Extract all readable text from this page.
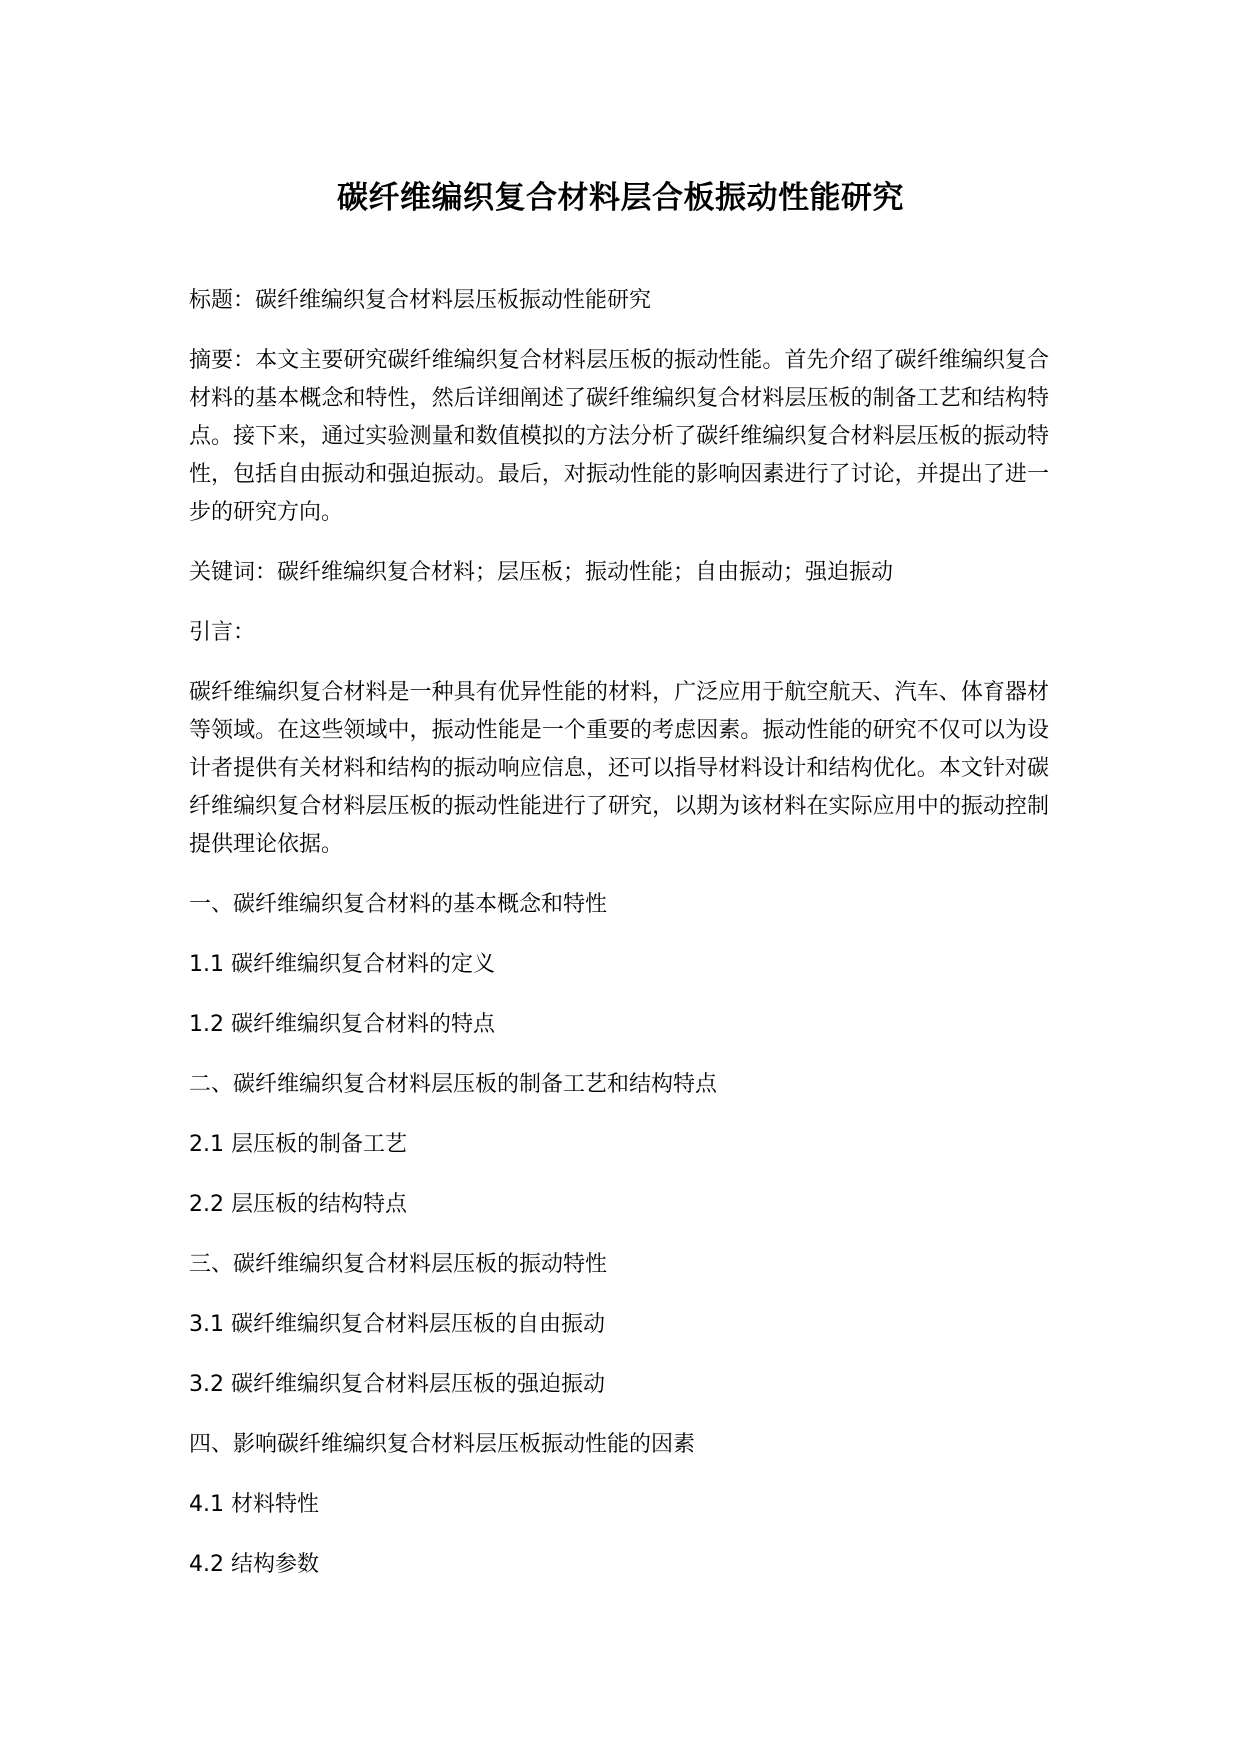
碳纤维编织复合材料层合板振动性能研究

标题：碳纤维编织复合材料层压板振动性能研究

摘要：本文主要研究碳纤维编织复合材料层压板的振动性能。首先介绍了碳纤维编织复合材料的基本概念和特性，然后详细阐述了碳纤维编织复合材料层压板的制备工艺和结构特点。接下来，通过实验测量和数值模拟的方法分析了碳纤维编织复合材料层压板的振动特性，包括自由振动和强迫振动。最后，对振动性能的影响因素进行了讨论，并提出了进一步的研究方向。

关键词：碳纤维编织复合材料；层压板；振动性能；自由振动；强迫振动

引言：

碳纤维编织复合材料是一种具有优异性能的材料，广泛应用于航空航天、汽车、体育器材等领域。在这些领域中，振动性能是一个重要的考虑因素。振动性能的研究不仅可以为设计者提供有关材料和结构的振动响应信息，还可以指导材料设计和结构优化。本文针对碳纤维编织复合材料层压板的振动性能进行了研究，以期为该材料在实际应用中的振动控制提供理论依据。

一、碳纤维编织复合材料的基本概念和特性

1.1 碳纤维编织复合材料的定义

1.2 碳纤维编织复合材料的特点

二、碳纤维编织复合材料层压板的制备工艺和结构特点

2.1 层压板的制备工艺

2.2 层压板的结构特点

三、碳纤维编织复合材料层压板的振动特性

3.1 碳纤维编织复合材料层压板的自由振动

3.2 碳纤维编织复合材料层压板的强迫振动

四、影响碳纤维编织复合材料层压板振动性能的因素

4.1 材料特性

4.2 结构参数
